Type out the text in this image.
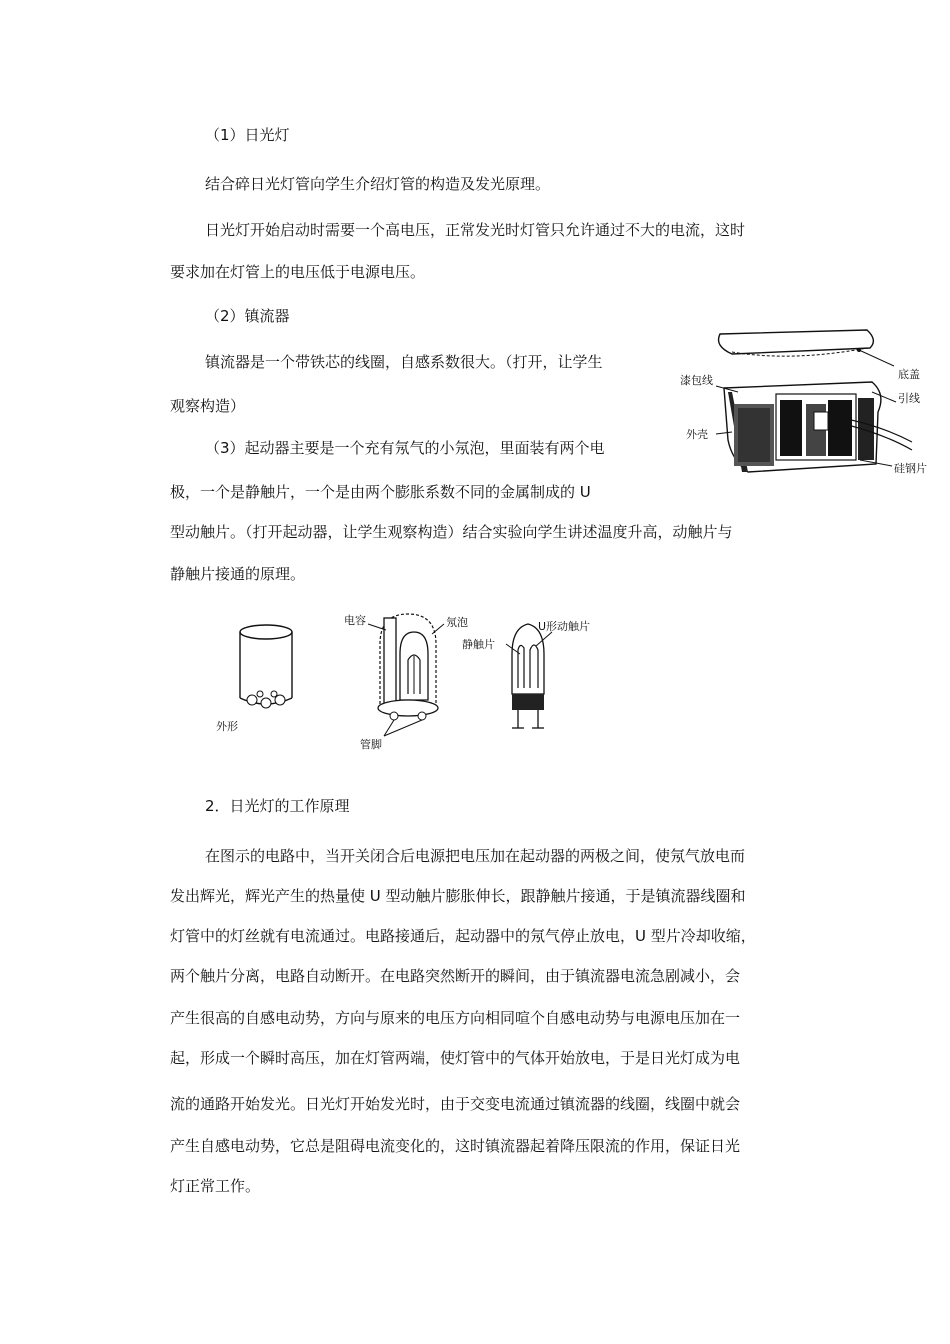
（1）日光灯
结合碎日光灯管向学生介绍灯管的构造及发光原理。
日光灯开始启动时需要一个高电压，正常发光时灯管只允许通过不大的电流，这时
要求加在灯管上的电压低于电源电压。
（2）镇流器
镇流器是一个带铁芯的线圈，自感系数很大。（打开，让学生
观察构造）
（3）起动器主要是一个充有氖气的小氖泡，里面装有两个电
极，一个是静触片，一个是由两个膨胀系数不同的金属制成的 U
型动触片。（打开起动器，让学生观察构造）结合实验向学生讲述温度升高，动触片与
静触片接通的原理。
底盖
漆包线
引线
外壳
硅钢片
外形
电容	氖泡
管脚
静触片
U形动触片
2．日光灯的工作原理
在图示的电路中，当开关闭合后电源把电压加在起动器的两极之间，使氖气放电而
发出辉光，辉光产生的热量使 U 型动触片膨胀伸长，跟静触片接通，于是镇流器线圈和
灯管中的灯丝就有电流通过。电路接通后，起动器中的氖气停止放电，U 型片冷却收缩，
两个触片分离，电路自动断开。在电路突然断开的瞬间，由于镇流器电流急剧减小，会
产生很高的自感电动势，方向与原来的电压方向相同喧个自感电动势与电源电压加在一
起，形成一个瞬时高压，加在灯管两端，使灯管中的气体开始放电，于是日光灯成为电
流的通路开始发光。日光灯开始发光时，由于交变电流通过镇流器的线圈，线圈中就会
产生自感电动势，它总是阻碍电流变化的，这时镇流器起着降压限流的作用，保证日光
灯正常工作。
